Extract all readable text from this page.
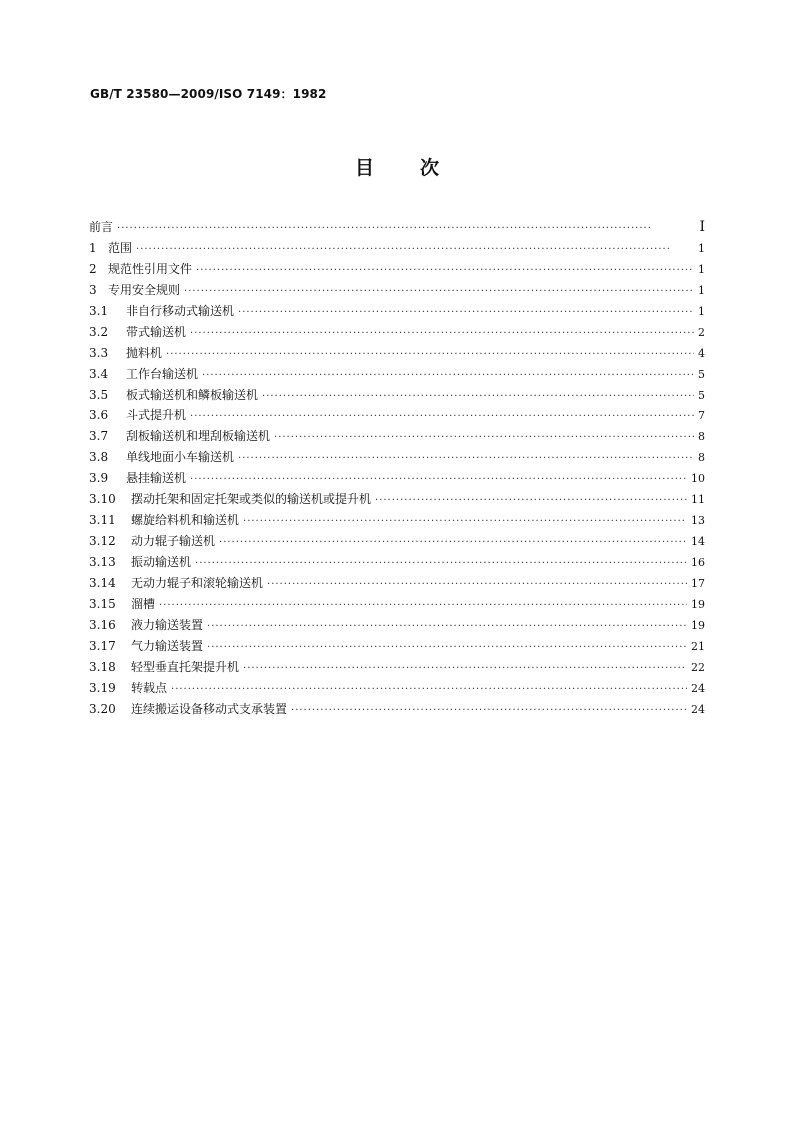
GB/T 23580—2009/ISO 7149：1982
目 次
前言 ·····	Ⅰ
1 范围 ·····	1
2 规范性引用文件 ·····	1
3 专用安全规则 ·····	1
3.1	非自行移动式输送机 ·····	1
3.2	带式输送机 ·····	2
3.3	抛料机 ·····	4
3.4	工作台输送机 ·····	5
3.5	板式输送机和鳞板输送机 ·····	5
3.6	斗式提升机 ·····	7
3.7	刮板输送机和埋刮板输送机 ·····	8
3.8	单线地面小车输送机 ·····	8
3.9	悬挂输送机 ·····	10
3.10	摆动托架和固定托架或类似的输送机或提升机 ·····	11
3.11	螺旋给料机和输送机 ·····	13
3.12	动力辊子输送机 ·····	14
3.13	振动输送机 ·····	16
3.14	无动力辊子和滚轮输送机 ·····	17
3.15	溜槽 ·····	19
3.16	液力输送装置 ·····	19
3.17	气力输送装置 ·····	21
3.18	轻型垂直托架提升机 ·····	22
3.19	转载点 ·····	24
3.20	连续搬运设备移动式支承装置 ·····	24
